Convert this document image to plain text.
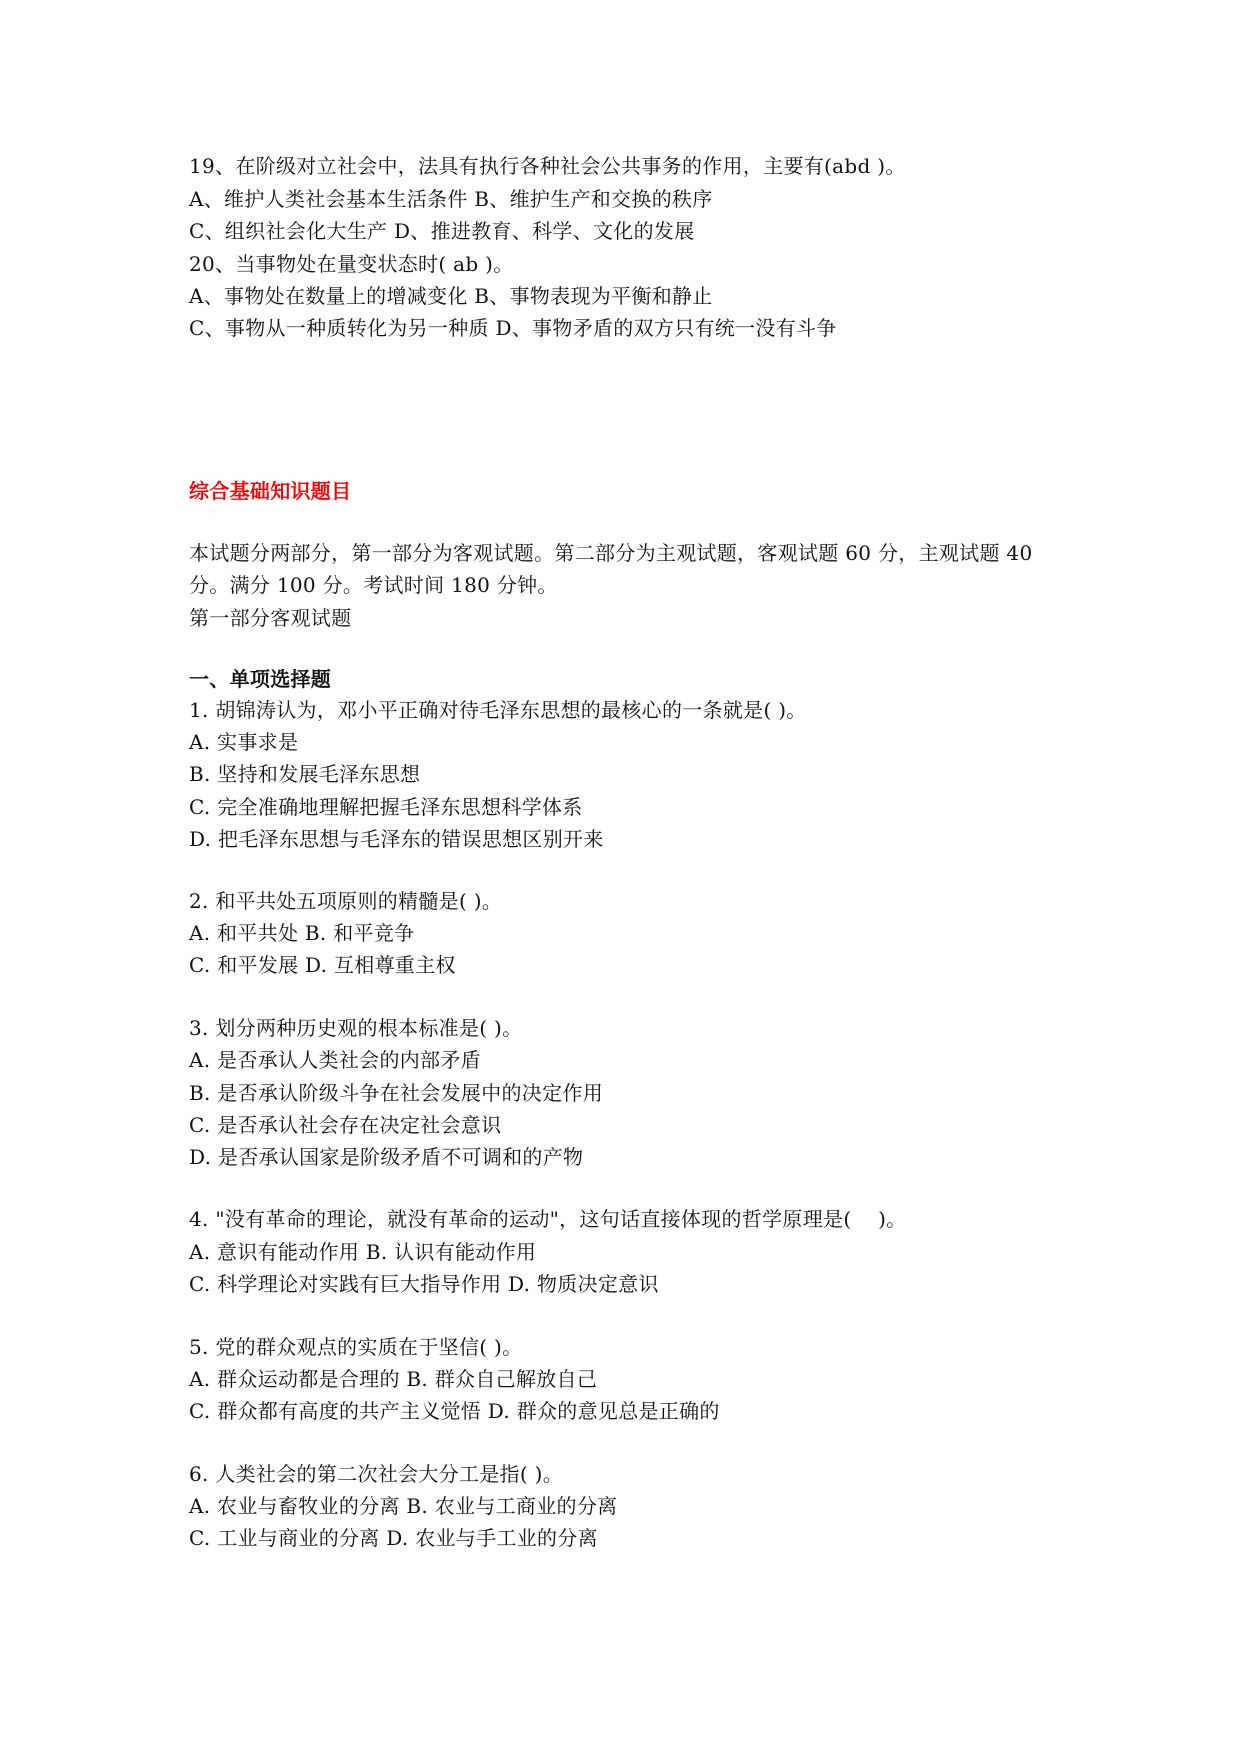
19、在阶级对立社会中，法具有执行各种社会公共事务的作用，主要有(abd )。
A、维护人类社会基本生活条件 B、维护生产和交换的秩序
C、组织社会化大生产 D、推进教育、科学、文化的发展
20、当事物处在量变状态时( ab )。
A、事物处在数量上的增减变化 B、事物表现为平衡和静止
C、事物从一种质转化为另一种质 D、事物矛盾的双方只有统一没有斗争
综合基础知识题目
本试题分两部分，第一部分为客观试题。第二部分为主观试题，客观试题 60 分，主观试题 40
分。满分 100 分。考试时间 180 分钟。
第一部分客观试题
一、单项选择题
1. 胡锦涛认为，邓小平正确对待毛泽东思想的最核心的一条就是( )。
A. 实事求是
B. 坚持和发展毛泽东思想
C. 完全准确地理解把握毛泽东思想科学体系
D. 把毛泽东思想与毛泽东的错误思想区别开来
2. 和平共处五项原则的精髓是( )。
A. 和平共处 B. 和平竞争
C. 和平发展 D. 互相尊重主权
3. 划分两种历史观的根本标准是( )。
A. 是否承认人类社会的内部矛盾
B. 是否承认阶级斗争在社会发展中的决定作用
C. 是否承认社会存在决定社会意识
D. 是否承认国家是阶级矛盾不可调和的产物
4. "没有革命的理论，就没有革命的运动"，这句话直接体现的哲学原理是(    )。
A. 意识有能动作用 B. 认识有能动作用
C. 科学理论对实践有巨大指导作用 D. 物质决定意识
5. 党的群众观点的实质在于坚信( )。
A. 群众运动都是合理的 B. 群众自己解放自己
C. 群众都有高度的共产主义觉悟 D. 群众的意见总是正确的
6. 人类社会的第二次社会大分工是指( )。
A. 农业与畜牧业的分离 B. 农业与工商业的分离
C. 工业与商业的分离 D. 农业与手工业的分离
